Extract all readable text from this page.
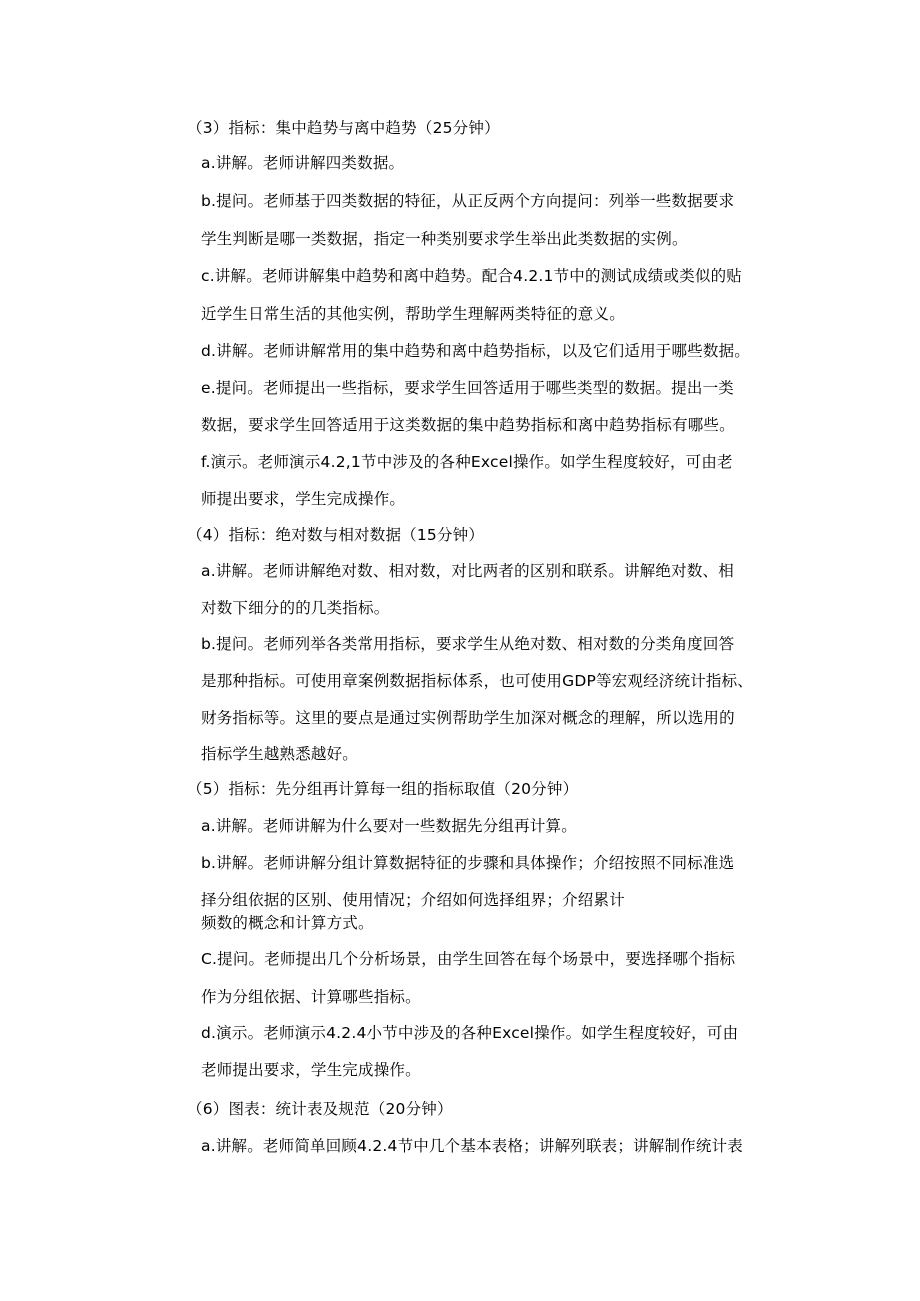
（3）指标：集中趋势与离中趋势（25分钟）
a.讲解。老师讲解四类数据。
b.提问。老师基于四类数据的特征，从正反两个方向提问：列举一些数据要求
学生判断是哪一类数据，指定一种类别要求学生举出此类数据的实例。
c.讲解。老师讲解集中趋势和离中趋势。配合4.2.1节中的测试成绩或类似的贴
近学生日常生活的其他实例，帮助学生理解两类特征的意义。
d.讲解。老师讲解常用的集中趋势和离中趋势指标，以及它们适用于哪些数据。
e.提问。老师提出一些指标，要求学生回答适用于哪些类型的数据。提出一类
数据，要求学生回答适用于这类数据的集中趋势指标和离中趋势指标有哪些。
f.演示。老师演示4.2,1节中涉及的各种Excel操作。如学生程度较好，可由老
师提出要求，学生完成操作。
（4）指标：绝对数与相对数据（15分钟）
a.讲解。老师讲解绝对数、相对数，对比两者的区别和联系。讲解绝对数、相
对数下细分的的几类指标。
b.提问。老师列举各类常用指标，要求学生从绝对数、相对数的分类角度回答
是那种指标。可使用章案例数据指标体系，也可使用GDP等宏观经济统计指标、
财务指标等。这里的要点是通过实例帮助学生加深对概念的理解，所以选用的
指标学生越熟悉越好。
（5）指标：先分组再计算每一组的指标取值（20分钟）
a.讲解。老师讲解为什么要对一些数据先分组再计算。
b.讲解。老师讲解分组计算数据特征的步骤和具体操作；介绍按照不同标准选
择分组依据的区别、使用情况；介绍如何选择组界；介绍累计
频数的概念和计算方式。
C.提问。老师提出几个分析场景，由学生回答在每个场景中，要选择哪个指标
作为分组依据、计算哪些指标。
d.演示。老师演示4.2.4小节中涉及的各种Excel操作。如学生程度较好，可由
老师提出要求，学生完成操作。
（6）图表：统计表及规范（20分钟）
a.讲解。老师简单回顾4.2.4节中几个基本表格；讲解列联表；讲解制作统计表
